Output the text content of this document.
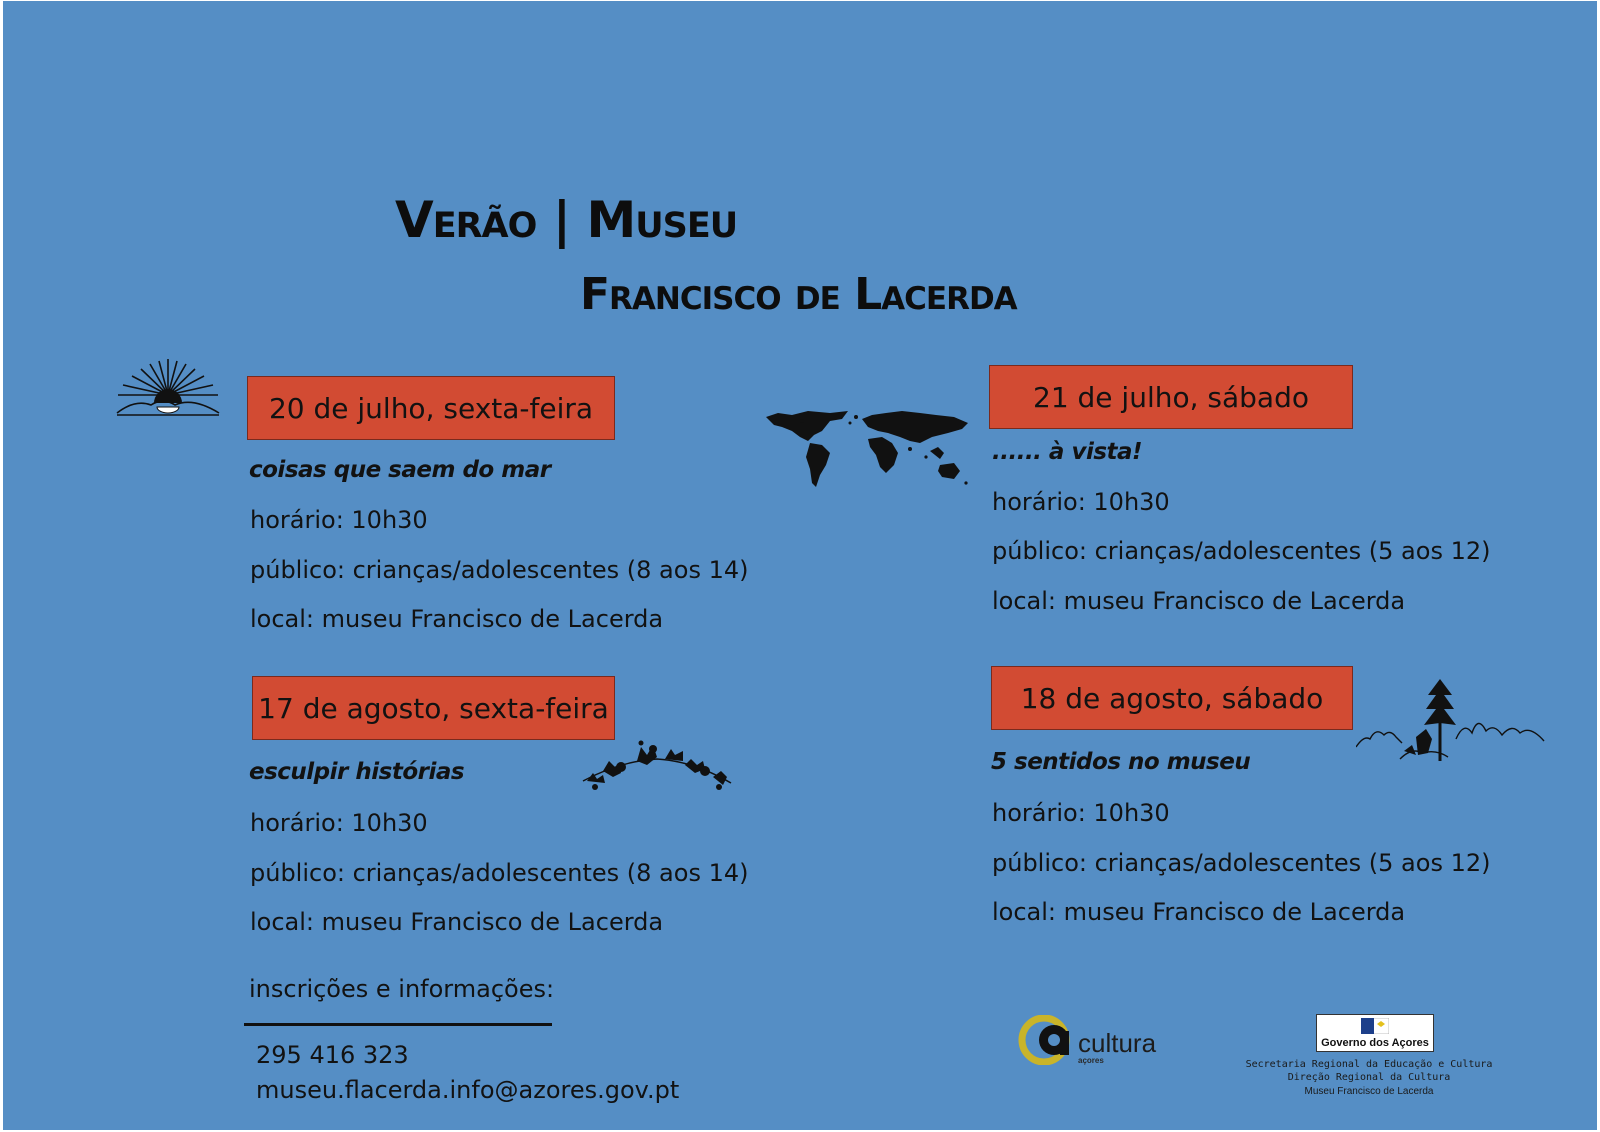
Verão | Museu
Francisco de Lacerda
20 de julho, sexta-feira

coisas que saem do mar

horário: 10h30

público: crianças/adolescentes (8 aos 14)

local: museu Francisco de Lacerda

21 de julho, sábado

...... à vista!

horário: 10h30

público: crianças/adolescentes (5 aos 12)

local: museu Francisco de Lacerda

17 de agosto, sexta-feira

esculpir histórias

horário: 10h30

público: crianças/adolescentes (8 aos 14)

local: museu Francisco de Lacerda

18 de agosto, sábado

5 sentidos no museu

horário: 10h30

público: crianças/adolescentes (5 aos 12)

local: museu Francisco de Lacerda

inscrições e informações:

295 416 323

museu.flacerda.info@azores.gov.pt

cultura
açores
Governo dos Açores

Secretaria Regional da Educação e Cultura

Direção Regional da Cultura

Museu Francisco de Lacerda
